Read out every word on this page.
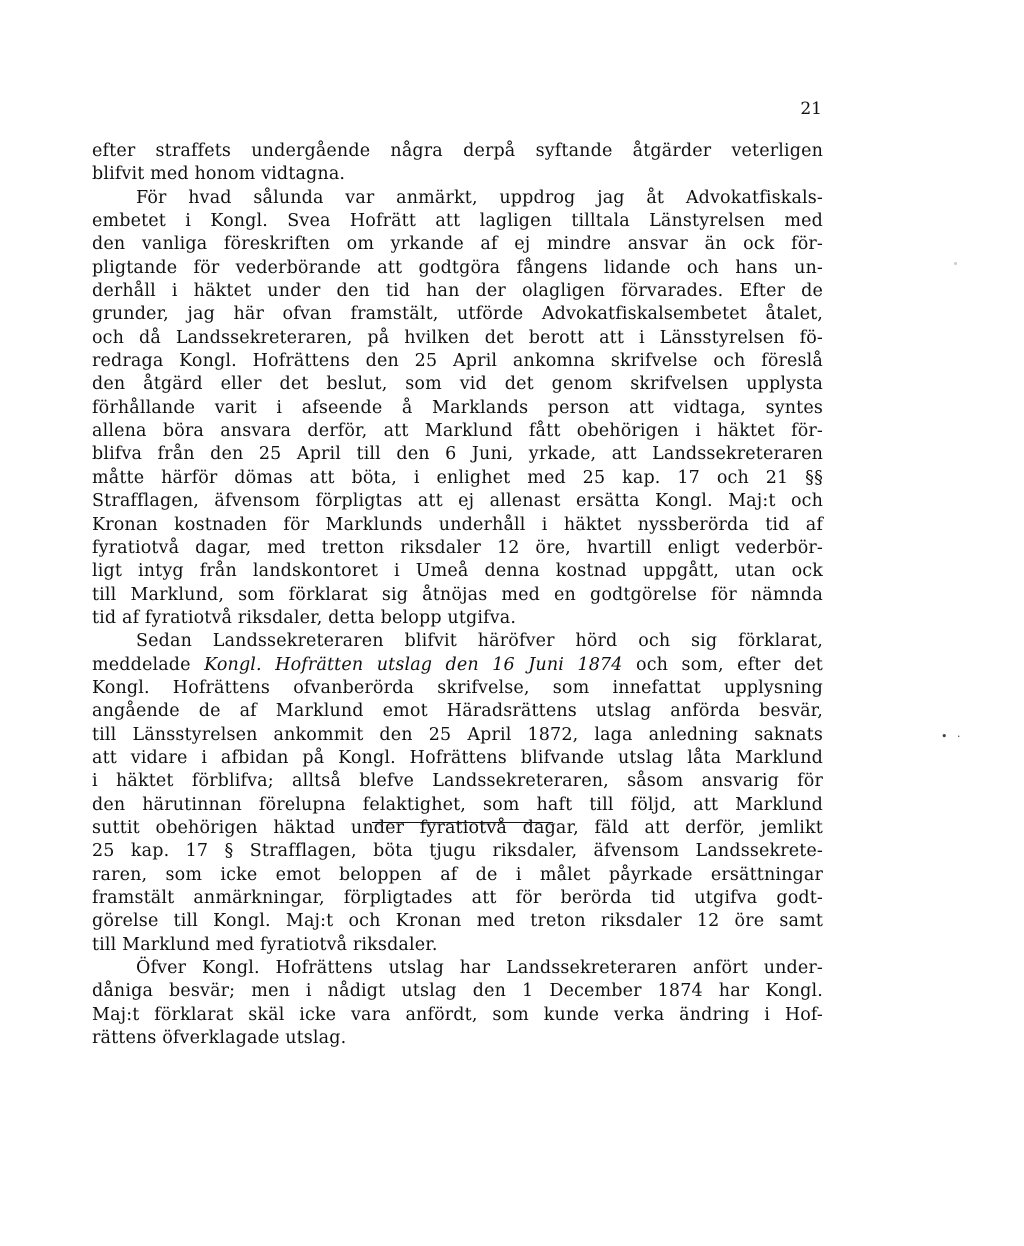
21
efter straffets undergående några derpå syftande åtgärder veterligen
blifvit med honom vidtagna.
För hvad sålunda var anmärkt, uppdrog jag åt Advokatfiskals-
embetet i Kongl. Svea Hofrätt att lagligen tilltala Länstyrelsen med
den vanliga föreskriften om yrkande af ej mindre ansvar än ock för-
pligtande för vederbörande att godtgöra fångens lidande och hans un-
derhåll i häktet under den tid han der olagligen förvarades. Efter de
grunder, jag här ofvan framstält, utförde Advokatfiskalsembetet åtalet,
och då Landssekreteraren, på hvilken det berott att i Länsstyrelsen fö-
redraga Kongl. Hofrättens den 25 April ankomna skrifvelse och föreslå
den åtgärd eller det beslut, som vid det genom skrifvelsen upplysta
förhållande varit i afseende å Marklands person att vidtaga, syntes
allena böra ansvara derför, att Marklund fått obehörigen i häktet för-
blifva från den 25 April till den 6 Juni, yrkade, att Landssekreteraren
måtte härför dömas att böta, i enlighet med 25 kap. 17 och 21 §§
Strafflagen, äfvensom förpligtas att ej allenast ersätta Kongl. Maj:t och
Kronan kostnaden för Marklunds underhåll i häktet nyssberörda tid af
fyratiotvå dagar, med tretton riksdaler 12 öre, hvartill enligt vederbör-
ligt intyg från landskontoret i Umeå denna kostnad uppgått, utan ock
till Marklund, som förklarat sig åtnöjas med en godtgörelse för nämnda
tid af fyratiotvå riksdaler, detta belopp utgifva.
Sedan Landssekreteraren blifvit häröfver hörd och sig förklarat,
meddelade Kongl. Hofrätten utslag den 16 Juni 1874 och som, efter det
Kongl. Hofrättens ofvanberörda skrifvelse, som innefattat upplysning
angående de af Marklund emot Häradsrättens utslag anförda besvär,
till Länsstyrelsen ankommit den 25 April 1872, laga anledning saknats
att vidare i afbidan på Kongl. Hofrättens blifvande utslag låta Marklund
i häktet förblifva; alltså blefve Landssekreteraren, såsom ansvarig för
den härutinnan förelupna felaktighet, som haft till följd, att Marklund
suttit obehörigen häktad under fyratiotvå dagar, fäld att derför, jemlikt
25 kap. 17 § Strafflagen, böta tjugu riksdaler, äfvensom Landssekrete-
raren, som icke emot beloppen af de i målet påyrkade ersättningar
framstält anmärkningar, förpligtades att för berörda tid utgifva godt-
görelse till Kongl. Maj:t och Kronan med treton riksdaler 12 öre samt
till Marklund med fyratiotvå riksdaler.
Öfver Kongl. Hofrättens utslag har Landssekreteraren anfört under-
dåniga besvär; men i nådigt utslag den 1 December 1874 har Kongl.
Maj:t förklarat skäl icke vara anfördt, som kunde verka ändring i Hof-
rättens öfverklagade utslag.
• ·
